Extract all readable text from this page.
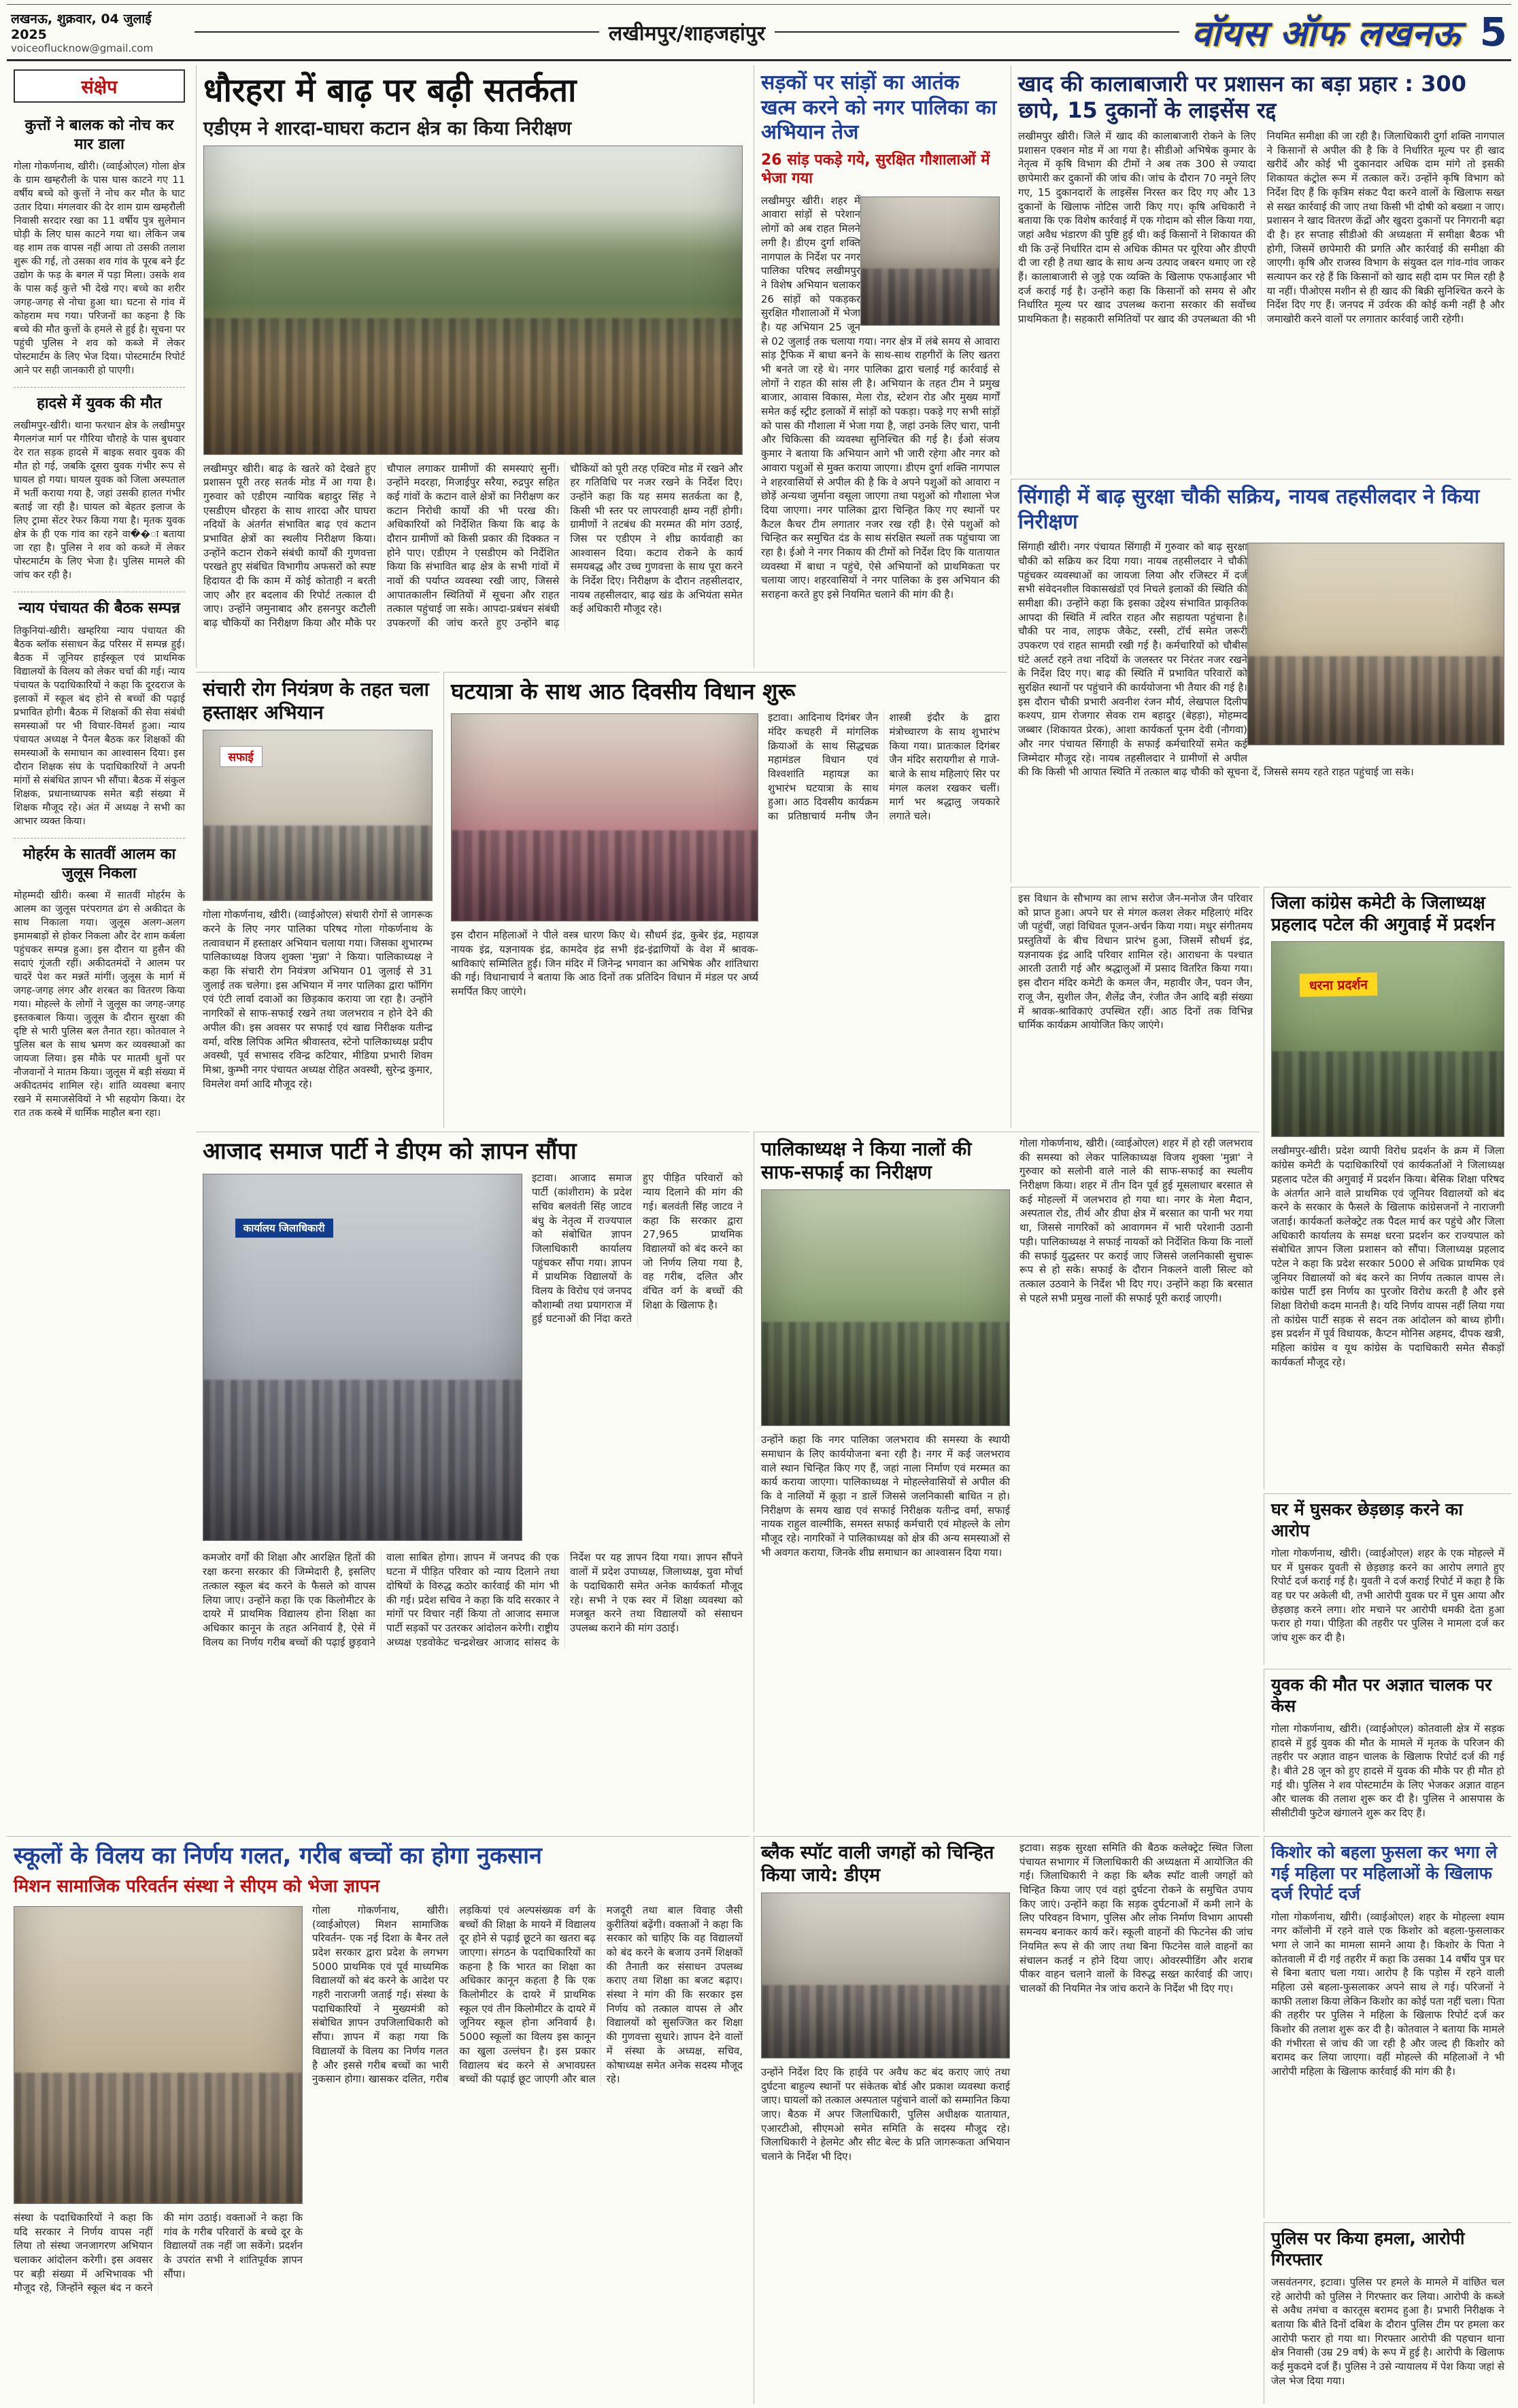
लखनऊ, शुक्रवार, 04 जुलाई 2025
voiceoflucknow@gmail.com
लखीमपुर/शाहजहांपुर	वॉयस ऑफ लखनऊ 5
संक्षेप
कुत्तों ने बालक को नोच कर मार डाला

गोला गोकर्णनाथ, खीरी। (व्वाईओएल) गोला क्षेत्र के ग्राम खम्हरौली के पास घास काटने गए 11 वर्षीय बच्चे को कुत्तों ने नोच कर मौत के घाट उतार दिया। मंगलवार की देर शाम ग्राम खम्हरौली निवासी सरदार रखा का 11 वर्षीय पुत्र सुलेमान घोड़ी के लिए घास काटने गया था। लेकिन जब वह शाम तक वापस नहीं आया तो उसकी तलाश शुरू की गई, तो उसका शव गांव के पूरब बने ईंट उद्योग के फड़ के बगल में पड़ा मिला। उसके शव के पास कई कुत्ते भी देखे गए। बच्चे का शरीर जगह-जगह से नोचा हुआ था। घटना से गांव में कोहराम मच गया। परिजनों का कहना है कि बच्चे की मौत कुत्तों के हमले से हुई है। सूचना पर पहुंची पुलिस ने शव को कब्जे में लेकर पोस्टमार्टम के लिए भेज दिया। पोस्टमार्टम रिपोर्ट आने पर सही जानकारी हो पाएगी।

हादसे में युवक की मौत

लखीमपुर-खीरी। थाना फरधान क्षेत्र के लखीमपुर मैगलगंज मार्ग पर गौरिया चौराहे के पास बुधवार देर रात सड़क हादसे में बाइक सवार युवक की मौत हो गई, जबकि दूसरा युवक गंभीर रूप से घायल हो गया। घायल युवक को जिला अस्पताल में भर्ती कराया गया है, जहां उसकी हालत गंभीर बताई जा रही है। घायल को बेहतर इलाज के लिए ट्रामा सेंटर रेफर किया गया है। मृतक युवक क्षेत्र के ही एक गांव का रहने वा��ा बताया जा रहा है। पुलिस ने शव को कब्जे में लेकर पोस्टमार्टम के लिए भेजा है। पुलिस मामले की जांच कर रही है।

न्याय पंचायत की बैठक सम्पन्न

तिकुनियां-खीरी। खम्हरिया न्याय पंचायत की बैठक ब्लॉक संसाधन केंद्र परिसर में सम्पन्न हुई। बैठक में जूनियर हाईस्कूल एवं प्राथमिक विद्यालयों के विलय को लेकर चर्चा की गई। न्याय पंचायत के पदाधिकारियों ने कहा कि दूरदराज के इलाकों में स्कूल बंद होने से बच्चों की पढ़ाई प्रभावित होगी। बैठक में शिक्षकों की सेवा संबंधी समस्याओं पर भी विचार-विमर्श हुआ। न्याय पंचायत अध्यक्ष ने पैनल बैठक कर शिक्षकों की समस्याओं के समाधान का आश्वासन दिया। इस दौरान शिक्षक संघ के पदाधिकारियों ने अपनी मांगों से संबंधित ज्ञापन भी सौंपा। बैठक में संकुल शिक्षक, प्रधानाध्यापक समेत बड़ी संख्या में शिक्षक मौजूद रहे। अंत में अध्यक्ष ने सभी का आभार व्यक्त किया।

मोहर्रम के सातवीं आलम का जुलूस निकला

मोहम्मदी खीरी। कस्बा में सातवीं मोहर्रम के आलम का जुलूस परंपरागत ढंग से अकीदत के साथ निकाला गया। जुलूस अलग-अलग इमामबाड़ों से होकर निकला और देर शाम कर्बला पहुंचकर सम्पन्न हुआ। इस दौरान या हुसैन की सदाएं गूंजती रहीं। अकीदतमंदों ने आलम पर चादरें पेश कर मन्नतें मांगीं। जुलूस के मार्ग में जगह-जगह लंगर और शरबत का वितरण किया गया। मोहल्ले के लोगों ने जुलूस का जगह-जगह इस्तकबाल किया। जुलूस के दौरान सुरक्षा की दृष्टि से भारी पुलिस बल तैनात रहा। कोतवाल ने पुलिस बल के साथ भ्रमण कर व्यवस्थाओं का जायजा लिया। इस मौके पर मातमी धुनों पर नौजवानों ने मातम किया। जुलूस में बड़ी संख्या में अकीदतमंद शामिल रहे। शांति व्यवस्था बनाए रखने में समाजसेवियों ने भी सहयोग किया। देर रात तक कस्बे में धार्मिक माहौल बना रहा।

धौरहरा में बाढ़ पर बढ़ी सतर्कता
एडीएम ने शारदा-घाघरा कटान क्षेत्र का किया निरीक्षण

लखीमपुर खीरी। बाढ़ के खतरे को देखते हुए प्रशासन पूरी तरह सतर्क मोड में आ गया है। गुरुवार को एडीएम न्यायिक बहादुर सिंह ने एसडीएम धौरहरा के साथ शारदा और घाघरा नदियों के अंतर्गत संभावित बाढ़ एवं कटान प्रभावित क्षेत्रों का स्थलीय निरीक्षण किया। उन्होंने कटान रोकने संबंधी कार्यों की गुणवत्ता परखते हुए संबंधित विभागीय अफसरों को स्पष्ट हिदायत दी कि काम में कोई कोताही न बरती जाए और हर बदलाव की रिपोर्ट तत्काल दी जाए। उन्होंने जमुनाबाद और हसनपुर कटौली बाढ़ चौकियों का निरीक्षण किया और मौके पर चौपाल लगाकर ग्रामीणों की समस्याएं सुनीं। उन्होंने मदरहा, मिजाईपुर सरैया, रुद्रपुर सहित कई गांवों के कटान वाले क्षेत्रों का निरीक्षण कर कटान निरोधी कार्यों की भी परख की। अधिकारियों को निर्देशित किया कि बाढ़ के दौरान ग्रामीणों को किसी प्रकार की दिक्कत न होने पाए। एडीएम ने एसडीएम को निर्देशित किया कि संभावित बाढ़ क्षेत्र के सभी गांवों में नावों की पर्याप्त व्यवस्था रखी जाए, जिससे आपातकालीन स्थितियों में सूचना और राहत तत्काल पहुंचाई जा सके। आपदा-प्रबंधन संबंधी उपकरणों की जांच करते हुए उन्होंने बाढ़ चौकियों को पूरी तरह एक्टिव मोड में रखने और हर गतिविधि पर नजर रखने के निर्देश दिए। उन्होंने कहा कि यह समय सतर्कता का है, किसी भी स्तर पर लापरवाही क्षम्य नहीं होगी। ग्रामीणों ने तटबंध की मरम्मत की मांग उठाई, जिस पर एडीएम ने शीघ्र कार्यवाही का आश्वासन दिया। कटाव रोकने के कार्य समयबद्ध और उच्च गुणवत्ता के साथ पूरा करने के निर्देश दिए। निरीक्षण के दौरान तहसीलदार, नायब तहसीलदार, बाढ़ खंड के अभियंता समेत कई अधिकारी मौजूद रहे।

सड़कों पर सांड़ों का आतंक खत्म करने को नगर पालिका का अभियान तेज
26 सांड़ पकड़े गये, सुरक्षित गौशालाओं में भेजा गया

लखीमपुर खीरी। शहर में आवारा सांड़ों से परेशान लोगों को अब राहत मिलने लगी है। डीएम दुर्गा शक्ति नागपाल के निर्देश पर नगर पालिका परिषद लखीमपुर ने विशेष अभियान चलाकर 26 सांड़ों को पकड़कर सुरक्षित गौशालाओं में भेजा है। यह अभियान 25 जून से 02 जुलाई तक चलाया गया। नगर क्षेत्र में लंबे समय से आवारा सांड़ ट्रैफिक में बाधा बनने के साथ-साथ राहगीरों के लिए खतरा भी बनते जा रहे थे। नगर पालिका द्वारा चलाई गई कार्रवाई से लोगों ने राहत की सांस ली है। अभियान के तहत टीम ने प्रमुख बाजार, आवास विकास, मेला रोड, स्टेशन रोड और मुख्य मार्गों समेत कई स्ट्रीट इलाकों में सांड़ों को पकड़ा। पकड़े गए सभी सांड़ों को पास की गौशाला में भेजा गया है, जहां उनके लिए चारा, पानी और चिकित्सा की व्यवस्था सुनिश्चित की गई है। ईओ संजय कुमार ने बताया कि अभियान आगे भी जारी रहेगा और नगर को आवारा पशुओं से मुक्त कराया जाएगा। डीएम दुर्गा शक्ति नागपाल ने शहरवासियों से अपील की है कि वे अपने पशुओं को आवारा न छोड़ें अन्यथा जुर्माना वसूला जाएगा तथा पशुओं को गौशाला भेज दिया जाएगा। नगर पालिका द्वारा चिन्हित किए गए स्थानों पर कैटल कैचर टीम लगातार नजर रख रही है। ऐसे पशुओं को चिन्हित कर समुचित दंड के साथ संरक्षित स्थलों तक पहुंचाया जा रहा है। ईओ ने नगर निकाय की टीमों को निर्देश दिए कि यातायात व्यवस्था में बाधा न पहुंचे, ऐसे अभियानों को प्राथमिकता पर चलाया जाए। शहरवासियों ने नगर पालिका के इस अभियान की सराहना करते हुए इसे नियमित चलाने की मांग की है।

खाद की कालाबाजारी पर प्रशासन का बड़ा प्रहार : 300 छापे, 15 दुकानों के लाइसेंस रद्द

लखीमपुर खीरी। जिले में खाद की कालाबाजारी रोकने के लिए प्रशासन एक्शन मोड में आ गया है। सीडीओ अभिषेक कुमार के नेतृत्व में कृषि विभाग की टीमों ने अब तक 300 से ज्यादा छापेमारी कर दुकानों की जांच की। जांच के दौरान 70 नमूने लिए गए, 15 दुकानदारों के लाइसेंस निरस्त कर दिए गए और 13 दुकानों के खिलाफ नोटिस जारी किए गए। कृषि अधिकारी ने बताया कि एक विशेष कार्रवाई में एक गोदाम को सील किया गया, जहां अवैध भंडारण की पुष्टि हुई थी। कई किसानों ने शिकायत की थी कि उन्हें निर्धारित दाम से अधिक कीमत पर यूरिया और डीएपी दी जा रही है तथा खाद के साथ अन्य उत्पाद जबरन थमाए जा रहे हैं। कालाबाजारी से जुड़े एक व्यक्ति के खिलाफ एफआईआर भी दर्ज कराई गई है। उन्होंने कहा कि किसानों को समय से और निर्धारित मूल्य पर खाद उपलब्ध कराना सरकार की सर्वोच्च प्राथमिकता है। सहकारी समितियों पर खाद की उपलब्धता की भी नियमित समीक्षा की जा रही है। जिलाधिकारी दुर्गा शक्ति नागपाल ने किसानों से अपील की है कि वे निर्धारित मूल्य पर ही खाद खरीदें और कोई भी दुकानदार अधिक दाम मांगे तो इसकी शिकायत कंट्रोल रूम में तत्काल करें। उन्होंने कृषि विभाग को निर्देश दिए हैं कि कृत्रिम संकट पैदा करने वालों के खिलाफ सख्त से सख्त कार्रवाई की जाए तथा किसी भी दोषी को बख्शा न जाए। प्रशासन ने खाद वितरण केंद्रों और खुदरा दुकानों पर निगरानी बढ़ा दी है। हर सप्ताह सीडीओ की अध्यक्षता में समीक्षा बैठक भी होगी, जिसमें छापेमारी की प्रगति और कार्रवाई की समीक्षा की जाएगी। कृषि और राजस्व विभाग के संयुक्त दल गांव-गांव जाकर सत्यापन कर रहे हैं कि किसानों को खाद सही दाम पर मिल रही है या नहीं। पीओएस मशीन से ही खाद की बिक्री सुनिश्चित करने के निर्देश दिए गए हैं। जनपद में उर्वरक की कोई कमी नहीं है और जमाखोरी करने वालों पर लगातार कार्रवाई जारी रहेगी।

सिंगाही में बाढ़ सुरक्षा चौकी सक्रिय, नायब तहसीलदार ने किया निरीक्षण

सिंगाही खीरी। नगर पंचायत सिंगाही में गुरुवार को बाढ़ सुरक्षा चौकी को सक्रिय कर दिया गया। नायब तहसीलदार ने चौकी पहुंचकर व्यवस्थाओं का जायजा लिया और रजिस्टर में दर्ज सभी संवेदनशील विकासखंडों एवं निचले इलाकों की स्थिति की समीक्षा की। उन्होंने कहा कि इसका उद्देश्य संभावित प्राकृतिक आपदा की स्थिति में त्वरित राहत और सहायता पहुंचाना है। चौकी पर नाव, लाइफ जैकेट, रस्सी, टॉर्च समेत जरूरी उपकरण एवं राहत सामग्री रखी गई है। कर्मचारियों को चौबीस घंटे अलर्ट रहने तथा नदियों के जलस्तर पर निरंतर नजर रखने के निर्देश दिए गए। बाढ़ की स्थिति में प्रभावित परिवारों को सुरक्षित स्थानों पर पहुंचाने की कार्ययोजना भी तैयार की गई है। इस दौरान चौकी प्रभारी अवनीश रंजन मौर्य, लेखपाल दिलीप कश्यप, ग्राम रोजगार सेवक राम बहादुर (बेहड़ा), मोहम्मद जब्बार (शिकायत प्रेरक), आशा कार्यकर्ता पूनम देवी (नौगवा) और नगर पंचायत सिंगाही के सफाई कर्मचारियों समेत कई जिम्मेदार मौजूद रहे। नायब तहसीलदार ने ग्रामीणों से अपील की कि किसी भी आपात स्थिति में तत्काल बाढ़ चौकी को सूचना दें, जिससे समय रहते राहत पहुंचाई जा सके।

संचारी रोग नियंत्रण के तहत चला हस्ताक्षर अभियान
सफाई

गोला गोकर्णनाथ, खीरी। (व्वाईओएल) संचारी रोगों से जागरूक करने के लिए नगर पालिका परिषद गोला गोकर्णनाथ के तत्वावधान में हस्ताक्षर अभियान चलाया गया। जिसका शुभारम्भ पालिकाध्यक्ष विजय शुक्ला 'मुन्ना' ने किया। पालिकाध्यक्ष ने कहा कि संचारी रोग नियंत्रण अभियान 01 जुलाई से 31 जुलाई तक चलेगा। इस अभियान में नगर पालिका द्वारा फॉगिंग एवं एंटी लार्वा दवाओं का छिड़काव कराया जा रहा है। उन्होंने नागरिकों से साफ-सफाई रखने तथा जलभराव न होने देने की अपील की। इस अवसर पर सफाई एवं खाद्य निरीक्षक यतीन्द्र वर्मा, वरिष्ठ लिपिक अमित श्रीवास्तव, स्टेनो पालिकाध्यक्ष प्रदीप अवस्थी, पूर्व सभासद रविन्द्र कटियार, मीडिया प्रभारी शिवम मिश्रा, कुम्भी नगर पंचायत अध्यक्ष रोहित अवस्थी, सुरेन्द्र कुमार, विमलेश वर्मा आदि मौजूद रहे।

घटयात्रा के साथ आठ दिवसीय विधान शुरू

इस दौरान महिलाओं ने पीले वस्त्र धारण किए थे। सौधर्म इंद्र, कुबेर इंद्र, महायज्ञ नायक इंद्र, यज्ञनायक इंद्र, कामदेव इंद्र सभी इंद्र-इंद्राणियों के वेश में श्रावक-श्राविकाएं सम्मिलित हुईं। जिन मंदिर में जिनेन्द्र भगवान का अभिषेक और शांतिधारा की गई। विधानाचार्य ने बताया कि आठ दिनों तक प्रतिदिन विधान में मंडल पर अर्घ्य समर्पित किए जाएंगे।

इटावा। आदिनाथ दिगंबर जैन मंदिर कचहरी में मांगलिक क्रियाओं के साथ सिद्धचक्र महामंडल विधान एवं विश्वशांति महायज्ञ का शुभारंभ घटयात्रा के साथ हुआ। आठ दिवसीय कार्यक्रम का प्रतिष्ठाचार्य मनीष जैन शास्त्री इंदौर के द्वारा मंत्रोच्चारण के साथ शुभारंभ किया गया। प्रातःकाल दिगंबर जैन मंदिर सरायगीश से गाजे-बाजे के साथ महिलाएं सिर पर मंगल कलश रखकर चलीं। मार्ग भर श्रद्धालु जयकारे लगाते चले।

इस विधान के सौभाग्य का लाभ सरोज जैन-मनोज जैन परिवार को प्राप्त हुआ। अपने घर से मंगल कलश लेकर महिलाएं मंदिर जी पहुंचीं, जहां विधिवत पूजन-अर्चन किया गया। मधुर संगीतमय प्रस्तुतियों के बीच विधान प्रारंभ हुआ, जिसमें सौधर्म इंद्र, यज्ञनायक इंद्र आदि परिवार शामिल रहे। आराधना के पश्चात आरती उतारी गई और श्रद्धालुओं में प्रसाद वितरित किया गया। इस दौरान मंदिर कमेटी के कमल जैन, महावीर जैन, पवन जैन, राजू जैन, सुशील जैन, शैलेंद्र जैन, रंजीत जैन आदि बड़ी संख्या में श्रावक-श्राविकाएं उपस्थित रहीं। आठ दिनों तक विभिन्न धार्मिक कार्यक्रम आयोजित किए जाएंगे।

जिला कांग्रेस कमेटी के जिलाध्यक्ष प्रहलाद पटेल की अगुवाई में प्रदर्शन
धरना प्रदर्शन

लखीमपुर-खीरी। प्रदेश व्यापी विरोध प्रदर्शन के क्रम में जिला कांग्रेस कमेटी के पदाधिकारियों एवं कार्यकर्ताओं ने जिलाध्यक्ष प्रहलाद पटेल की अगुवाई में प्रदर्शन किया। बेसिक शिक्षा परिषद के अंतर्गत आने वाले प्राथमिक एवं जूनियर विद्यालयों को बंद करने के सरकार के फैसले के खिलाफ कांग्रेसजनों ने नाराजगी जताई। कार्यकर्ता कलेक्ट्रेट तक पैदल मार्च कर पहुंचे और जिला अधिकारी कार्यालय के समक्ष धरना प्रदर्शन कर राज्यपाल को संबोधित ज्ञापन जिला प्रशासन को सौंपा। जिलाध्यक्ष प्रहलाद पटेल ने कहा कि प्रदेश सरकार 5000 से अधिक प्राथमिक एवं जूनियर विद्यालयों को बंद करने का निर्णय तत्काल वापस ले। कांग्रेस पार्टी इस निर्णय का पुरजोर विरोध करती है और इसे शिक्षा विरोधी कदम मानती है। यदि निर्णय वापस नहीं लिया गया तो कांग्रेस पार्टी सड़क से सदन तक आंदोलन को बाध्य होगी। इस प्रदर्शन में पूर्व विधायक, कैप्टन मोनिस अहमद, दीपक खत्री, महिला कांग्रेस व यूथ कांग्रेस के पदाधिकारी समेत सैकड़ों कार्यकर्ता मौजूद रहे।

आजाद समाज पार्टी ने डीएम को ज्ञापन सौंपा
कार्यालय जिलाधिकारी

इटावा। आजाद समाज पार्टी (कांशीराम) के प्रदेश सचिव बलवंती सिंह जाटव बंधु के नेतृत्व में राज्यपाल को संबोधित ज्ञापन जिलाधिकारी कार्यालय पहुंचकर सौंपा गया। ज्ञापन में प्राथमिक विद्यालयों के विलय के विरोध एवं जनपद कौशाम्बी तथा प्रयागराज में हुई घटनाओं की निंदा करते हुए पीड़ित परिवारों को न्याय दिलाने की मांग की गई। बलवंती सिंह जाटव ने कहा कि सरकार द्वारा 27,965 प्राथमिक विद्यालयों को बंद करने का जो निर्णय लिया गया है, वह गरीब, दलित और वंचित वर्ग के बच्चों की शिक्षा के खिलाफ है।

कमजोर वर्गों की शिक्षा और आरक्षित हितों की रक्षा करना सरकार की जिम्मेदारी है, इसलिए तत्काल स्कूल बंद करने के फैसले को वापस लिया जाए। उन्होंने कहा कि एक किलोमीटर के दायरे में प्राथमिक विद्यालय होना शिक्षा का अधिकार कानून के तहत अनिवार्य है, ऐसे में विलय का निर्णय गरीब बच्चों की पढ़ाई छुड़वाने वाला साबित होगा। ज्ञापन में जनपद की एक घटना में पीड़ित परिवार को न्याय दिलाने तथा दोषियों के विरुद्ध कठोर कार्रवाई की मांग भी की गई। प्रदेश सचिव ने कहा कि यदि सरकार ने मांगों पर विचार नहीं किया तो आजाद समाज पार्टी सड़कों पर उतरकर आंदोलन करेगी। राष्ट्रीय अध्यक्ष एडवोकेट चन्द्रशेखर आजाद सांसद के निर्देश पर यह ज्ञापन दिया गया। ज्ञापन सौंपने वालों में प्रदेश उपाध्यक्ष, जिलाध्यक्ष, युवा मोर्चा के पदाधिकारी समेत अनेक कार्यकर्ता मौजूद रहे। सभी ने एक स्वर में शिक्षा व्यवस्था को मजबूत करने तथा विद्यालयों को संसाधन उपलब्ध कराने की मांग उठाई।

पालिकाध्यक्ष ने किया नालों की साफ-सफाई का निरीक्षण

उन्होंने कहा कि नगर पालिका जलभराव की समस्या के स्थायी समाधान के लिए कार्ययोजना बना रही है। नगर में कई जलभराव वाले स्थान चिन्हित किए गए हैं, जहां नाला निर्माण एवं मरम्मत का कार्य कराया जाएगा। पालिकाध्यक्ष ने मोहल्लेवासियों से अपील की कि वे नालियों में कूड़ा न डालें जिससे जलनिकासी बाधित न हो। निरीक्षण के समय खाद्य एवं सफाई निरीक्षक यतीन्द्र वर्मा, सफाई नायक राहुल वाल्मीकि, समस्त सफाई कर्मचारी एवं मोहल्ले के लोग मौजूद रहे। नागरिकों ने पालिकाध्यक्ष को क्षेत्र की अन्य समस्याओं से भी अवगत कराया, जिनके शीघ्र समाधान का आश्वासन दिया गया।

गोला गोकर्णनाथ, खीरी। (व्वाईओएल) शहर में हो रही जलभराव की समस्या को लेकर पालिकाध्यक्ष विजय शुक्ला 'मुन्ना' ने गुरुवार को सलोनी वाले नाले की साफ-सफाई का स्थलीय निरीक्षण किया। शहर में तीन दिन पूर्व हुई मूसलाधार बरसात से कई मोहल्लों में जलभराव हो गया था। नगर के मेला मैदान, अस्पताल रोड, तीर्थ और डीघा क्षेत्र में बरसात का पानी भर गया था, जिससे नागरिकों को आवागमन में भारी परेशानी उठानी पड़ी। पालिकाध्यक्ष ने सफाई नायकों को निर्देशित किया कि नालों की सफाई युद्धस्तर पर कराई जाए जिससे जलनिकासी सुचारू रूप से हो सके। सफाई के दौरान निकलने वाली सिल्ट को तत्काल उठवाने के निर्देश भी दिए गए। उन्होंने कहा कि बरसात से पहले सभी प्रमुख नालों की सफाई पूरी कराई जाएगी।

घर में घुसकर छेड़छाड़ करने का आरोप

गोला गोकर्णनाथ, खीरी। (व्वाईओएल) शहर के एक मोहल्ले में घर में घुसकर युवती से छेड़छाड़ करने का आरोप लगाते हुए रिपोर्ट दर्ज कराई गई है। युवती ने दर्ज कराई रिपोर्ट में कहा है कि वह घर पर अकेली थी, तभी आरोपी युवक घर में घुस आया और छेड़छाड़ करने लगा। शोर मचाने पर आरोपी धमकी देता हुआ फरार हो गया। पीड़िता की तहरीर पर पुलिस ने मामला दर्ज कर जांच शुरू कर दी है।

युवक की मौत पर अज्ञात चालक पर केस

गोला गोकर्णनाथ, खीरी। (व्वाईओएल) कोतवाली क्षेत्र में सड़क हादसे में हुई युवक की मौत के मामले में मृतक के परिजन की तहरीर पर अज्ञात वाहन चालक के खिलाफ रिपोर्ट दर्ज की गई है। बीते 28 जून को हुए हादसे में युवक की मौके पर ही मौत हो गई थी। पुलिस ने शव पोस्टमार्टम के लिए भेजकर अज्ञात वाहन और चालक की तलाश शुरू कर दी है। पुलिस ने आसपास के सीसीटीवी फुटेज खंगालने शुरू कर दिए हैं।

स्कूलों के विलय का निर्णय गलत, गरीब बच्चों का होगा नुकसान
मिशन सामाजिक परिवर्तन संस्था ने सीएम को भेजा ज्ञापन

संस्था के पदाधिकारियों ने कहा कि यदि सरकार ने निर्णय वापस नहीं लिया तो संस्था जनजागरण अभियान चलाकर आंदोलन करेगी। इस अवसर पर बड़ी संख्या में अभिभावक भी मौजूद रहे, जिन्होंने स्कूल बंद न करने की मांग उठाई। वक्ताओं ने कहा कि गांव के गरीब परिवारों के बच्चे दूर के विद्यालयों तक नहीं जा सकेंगे। प्रदर्शन के उपरांत सभी ने शांतिपूर्वक ज्ञापन सौंपा।

गोला गोकर्णनाथ, खीरी। (व्वाईओएल) मिशन सामाजिक परिवर्तन- एक नई दिशा के बैनर तले प्रदेश सरकार द्वारा प्रदेश के लगभग 5000 प्राथमिक एवं पूर्व माध्यमिक विद्यालयों को बंद करने के आदेश पर गहरी नाराजगी जताई गई। संस्था के पदाधिकारियों ने मुख्यमंत्री को संबोधित ज्ञापन उपजिलाधिकारी को सौंपा। ज्ञापन में कहा गया कि विद्यालयों के विलय का निर्णय गलत है और इससे गरीब बच्चों का भारी नुकसान होगा। खासकर दलित, गरीब लड़कियां एवं अल्पसंख्यक वर्ग के बच्चों की शिक्षा के मायने में विद्यालय दूर होने से पढ़ाई छूटने का खतरा बढ़ जाएगा। संगठन के पदाधिकारियों का कहना है कि भारत का शिक्षा का अधिकार कानून कहता है कि एक किलोमीटर के दायरे में प्राथमिक स्कूल एवं तीन किलोमीटर के दायरे में जूनियर स्कूल होना अनिवार्य है। 5000 स्कूलों का विलय इस कानून का खुला उल्लंघन है। इस प्रकार विद्यालय बंद करने से अभावग्रस्त बच्चों की पढ़ाई छूट जाएगी और बाल मजदूरी तथा बाल विवाह जैसी कुरीतियां बढ़ेंगी। वक्ताओं ने कहा कि सरकार को चाहिए कि वह विद्यालयों को बंद करने के बजाय उनमें शिक्षकों की तैनाती कर संसाधन उपलब्ध कराए तथा शिक्षा का बजट बढ़ाए। संस्था ने मांग की कि सरकार इस निर्णय को तत्काल वापस ले और विद्यालयों को सुसज्जित कर शिक्षा की गुणवत्ता सुधारे। ज्ञापन देने वालों में संस्था के अध्यक्ष, सचिव, कोषाध्यक्ष समेत अनेक सदस्य मौजूद रहे।

ब्लैक स्पॉट वाली जगहों को चिन्हित किया जाये: डीएम

उन्होंने निर्देश दिए कि हाईवे पर अवैध कट बंद कराए जाएं तथा दुर्घटना बाहुल्य स्थानों पर संकेतक बोर्ड और प्रकाश व्यवस्था कराई जाए। घायलों को तत्काल अस्पताल पहुंचाने वालों को सम्मानित किया जाए। बैठक में अपर जिलाधिकारी, पुलिस अधीक्षक यातायात, एआरटीओ, सीएमओ समेत समिति के सदस्य मौजूद रहे। जिलाधिकारी ने हेलमेट और सीट बेल्ट के प्रति जागरूकता अभियान चलाने के निर्देश भी दिए।

इटावा। सड़क सुरक्षा समिति की बैठक कलेक्ट्रेट स्थित जिला पंचायत सभागार में जिलाधिकारी की अध्यक्षता में आयोजित की गई। जिलाधिकारी ने कहा कि ब्लैक स्पॉट वाली जगहों को चिन्हित किया जाए एवं वहां दुर्घटना रोकने के समुचित उपाय किए जाएं। उन्होंने कहा कि सड़क दुर्घटनाओं में कमी लाने के लिए परिवहन विभाग, पुलिस और लोक निर्माण विभाग आपसी समन्वय बनाकर कार्य करें। स्कूली वाहनों की फिटनेस की जांच नियमित रूप से की जाए तथा बिना फिटनेस वाले वाहनों का संचालन कतई न होने दिया जाए। ओवरस्पीडिंग और शराब पीकर वाहन चलाने वालों के विरुद्ध सख्त कार्रवाई की जाए। चालकों की नियमित नेत्र जांच कराने के निर्देश भी दिए गए।

किशोर को बहला फुसला कर भगा ले गई महिला पर महिलाओं के खिलाफ दर्ज रिपोर्ट दर्ज

गोला गोकर्णनाथ, खीरी। (व्वाईओएल) शहर के मोहल्ला श्याम नगर कॉलोनी में रहने वाले एक किशोर को बहला-फुसलाकर भगा ले जाने का मामला सामने आया है। किशोर के पिता ने कोतवाली में दी गई तहरीर में कहा कि उसका 14 वर्षीय पुत्र घर से बिना बताए चला गया। आरोप है कि पड़ोस में रहने वाली महिला उसे बहला-फुसलाकर अपने साथ ले गई। परिजनों ने काफी तलाश किया लेकिन किशोर का कोई पता नहीं चला। पिता की तहरीर पर पुलिस ने महिला के खिलाफ रिपोर्ट दर्ज कर किशोर की तलाश शुरू कर दी है। कोतवाल ने बताया कि मामले की गंभीरता से जांच की जा रही है और जल्द ही किशोर को बरामद कर लिया जाएगा। वहीं मोहल्ले की महिलाओं ने भी आरोपी महिला के खिलाफ कार्रवाई की मांग की है।

पुलिस पर किया हमला, आरोपी गिरफ्तार

जसवंतनगर, इटावा। पुलिस पर हमले के मामले में वांछित चल रहे आरोपी को पुलिस ने गिरफ्तार कर लिया। आरोपी के कब्जे से अवैध तमंचा व कारतूस बरामद हुआ है। प्रभारी निरीक्षक ने बताया कि बीते दिनों दबिश के दौरान पुलिस टीम पर हमला कर आरोपी फरार हो गया था। गिरफ्तार आरोपी की पहचान थाना क्षेत्र निवासी (उम्र 29 वर्ष) के रूप में हुई है। आरोपी के खिलाफ कई मुकदमे दर्ज हैं। पुलिस ने उसे न्यायालय में पेश किया जहां से जेल भेज दिया गया।
